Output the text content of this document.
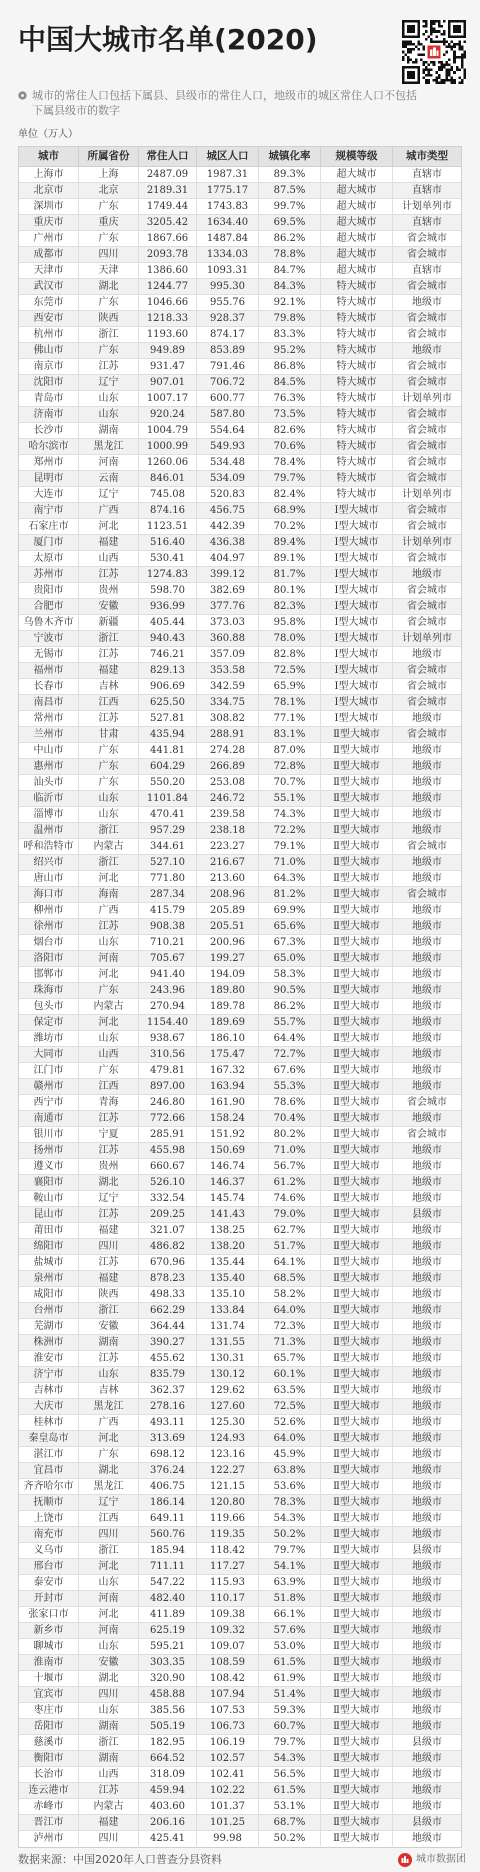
中国大城市名单(2020)
城市的常住人口包括下属县、县级市的常住人口，地级市的城区常住人口不包括下属县级市的数字
单位（万人）
城市	所属省份	常住人口	城区人口	城镇化率	规模等级	城市类型
上海市	上海	2487.09	1987.31	89.3%	超大城市	直辖市
北京市	北京	2189.31	1775.17	87.5%	超大城市	直辖市
深圳市	广东	1749.44	1743.83	99.7%	超大城市	计划单列市
重庆市	重庆	3205.42	1634.40	69.5%	超大城市	直辖市
广州市	广东	1867.66	1487.84	86.2%	超大城市	省会城市
成都市	四川	2093.78	1334.03	78.8%	超大城市	省会城市
天津市	天津	1386.60	1093.31	84.7%	超大城市	直辖市
武汉市	湖北	1244.77	995.30	84.3%	特大城市	省会城市
东莞市	广东	1046.66	955.76	92.1%	特大城市	地级市
西安市	陕西	1218.33	928.37	79.8%	特大城市	省会城市
杭州市	浙江	1193.60	874.17	83.3%	特大城市	省会城市
佛山市	广东	949.89	853.89	95.2%	特大城市	地级市
南京市	江苏	931.47	791.46	86.8%	特大城市	省会城市
沈阳市	辽宁	907.01	706.72	84.5%	特大城市	省会城市
青岛市	山东	1007.17	600.77	76.3%	特大城市	计划单列市
济南市	山东	920.24	587.80	73.5%	特大城市	省会城市
长沙市	湖南	1004.79	554.64	82.6%	特大城市	省会城市
哈尔滨市	黑龙江	1000.99	549.93	70.6%	特大城市	省会城市
郑州市	河南	1260.06	534.48	78.4%	特大城市	省会城市
昆明市	云南	846.01	534.09	79.7%	特大城市	省会城市
大连市	辽宁	745.08	520.83	82.4%	特大城市	计划单列市
南宁市	广西	874.16	456.75	68.9%	Ⅰ型大城市	省会城市
石家庄市	河北	1123.51	442.39	70.2%	Ⅰ型大城市	省会城市
厦门市	福建	516.40	436.38	89.4%	Ⅰ型大城市	计划单列市
太原市	山西	530.41	404.97	89.1%	Ⅰ型大城市	省会城市
苏州市	江苏	1274.83	399.12	81.7%	Ⅰ型大城市	地级市
贵阳市	贵州	598.70	382.69	80.1%	Ⅰ型大城市	省会城市
合肥市	安徽	936.99	377.76	82.3%	Ⅰ型大城市	省会城市
乌鲁木齐市	新疆	405.44	373.03	95.8%	Ⅰ型大城市	省会城市
宁波市	浙江	940.43	360.88	78.0%	Ⅰ型大城市	计划单列市
无锡市	江苏	746.21	357.09	82.8%	Ⅰ型大城市	地级市
福州市	福建	829.13	353.58	72.5%	Ⅰ型大城市	省会城市
长春市	吉林	906.69	342.59	65.9%	Ⅰ型大城市	省会城市
南昌市	江西	625.50	334.75	78.1%	Ⅰ型大城市	省会城市
常州市	江苏	527.81	308.82	77.1%	Ⅰ型大城市	地级市
兰州市	甘肃	435.94	288.91	83.1%	Ⅱ型大城市	省会城市
中山市	广东	441.81	274.28	87.0%	Ⅱ型大城市	地级市
惠州市	广东	604.29	266.89	72.8%	Ⅱ型大城市	地级市
汕头市	广东	550.20	253.08	70.7%	Ⅱ型大城市	地级市
临沂市	山东	1101.84	246.72	55.1%	Ⅱ型大城市	地级市
淄博市	山东	470.41	239.58	74.3%	Ⅱ型大城市	地级市
温州市	浙江	957.29	238.18	72.2%	Ⅱ型大城市	地级市
呼和浩特市	内蒙古	344.61	223.27	79.1%	Ⅱ型大城市	省会城市
绍兴市	浙江	527.10	216.67	71.0%	Ⅱ型大城市	地级市
唐山市	河北	771.80	213.60	64.3%	Ⅱ型大城市	地级市
海口市	海南	287.34	208.96	81.2%	Ⅱ型大城市	省会城市
柳州市	广西	415.79	205.89	69.9%	Ⅱ型大城市	地级市
徐州市	江苏	908.38	205.51	65.6%	Ⅱ型大城市	地级市
烟台市	山东	710.21	200.96	67.3%	Ⅱ型大城市	地级市
洛阳市	河南	705.67	199.27	65.0%	Ⅱ型大城市	地级市
邯郸市	河北	941.40	194.09	58.3%	Ⅱ型大城市	地级市
珠海市	广东	243.96	189.80	90.5%	Ⅱ型大城市	地级市
包头市	内蒙古	270.94	189.78	86.2%	Ⅱ型大城市	地级市
保定市	河北	1154.40	189.69	55.7%	Ⅱ型大城市	地级市
潍坊市	山东	938.67	186.10	64.4%	Ⅱ型大城市	地级市
大同市	山西	310.56	175.47	72.7%	Ⅱ型大城市	地级市
江门市	广东	479.81	167.32	67.6%	Ⅱ型大城市	地级市
赣州市	江西	897.00	163.94	55.3%	Ⅱ型大城市	地级市
西宁市	青海	246.80	161.90	78.6%	Ⅱ型大城市	省会城市
南通市	江苏	772.66	158.24	70.4%	Ⅱ型大城市	地级市
银川市	宁夏	285.91	151.92	80.2%	Ⅱ型大城市	省会城市
扬州市	江苏	455.98	150.69	71.0%	Ⅱ型大城市	地级市
遵义市	贵州	660.67	146.74	56.7%	Ⅱ型大城市	地级市
襄阳市	湖北	526.10	146.37	61.2%	Ⅱ型大城市	地级市
鞍山市	辽宁	332.54	145.74	74.6%	Ⅱ型大城市	地级市
昆山市	江苏	209.25	141.43	79.0%	Ⅱ型大城市	县级市
莆田市	福建	321.07	138.25	62.7%	Ⅱ型大城市	地级市
绵阳市	四川	486.82	138.20	51.7%	Ⅱ型大城市	地级市
盐城市	江苏	670.96	135.44	64.1%	Ⅱ型大城市	地级市
泉州市	福建	878.23	135.40	68.5%	Ⅱ型大城市	地级市
咸阳市	陕西	498.33	135.10	58.2%	Ⅱ型大城市	地级市
台州市	浙江	662.29	133.84	64.0%	Ⅱ型大城市	地级市
芜湖市	安徽	364.44	131.74	72.3%	Ⅱ型大城市	地级市
株洲市	湖南	390.27	131.55	71.3%	Ⅱ型大城市	地级市
淮安市	江苏	455.62	130.31	65.7%	Ⅱ型大城市	地级市
济宁市	山东	835.79	130.12	60.1%	Ⅱ型大城市	地级市
吉林市	吉林	362.37	129.62	63.5%	Ⅱ型大城市	地级市
大庆市	黑龙江	278.16	127.60	72.5%	Ⅱ型大城市	地级市
桂林市	广西	493.11	125.30	52.6%	Ⅱ型大城市	地级市
秦皇岛市	河北	313.69	124.93	64.0%	Ⅱ型大城市	地级市
湛江市	广东	698.12	123.16	45.9%	Ⅱ型大城市	地级市
宜昌市	湖北	376.24	122.27	63.8%	Ⅱ型大城市	地级市
齐齐哈尔市	黑龙江	406.75	121.15	53.6%	Ⅱ型大城市	地级市
抚顺市	辽宁	186.14	120.80	78.3%	Ⅱ型大城市	地级市
上饶市	江西	649.11	119.66	54.3%	Ⅱ型大城市	地级市
南充市	四川	560.76	119.35	50.2%	Ⅱ型大城市	地级市
义乌市	浙江	185.94	118.42	79.7%	Ⅱ型大城市	县级市
邢台市	河北	711.11	117.27	54.1%	Ⅱ型大城市	地级市
泰安市	山东	547.22	115.93	63.9%	Ⅱ型大城市	地级市
开封市	河南	482.40	110.17	51.8%	Ⅱ型大城市	地级市
张家口市	河北	411.89	109.38	66.1%	Ⅱ型大城市	地级市
新乡市	河南	625.19	109.32	57.6%	Ⅱ型大城市	地级市
聊城市	山东	595.21	109.07	53.0%	Ⅱ型大城市	地级市
淮南市	安徽	303.35	108.59	61.5%	Ⅱ型大城市	地级市
十堰市	湖北	320.90	108.42	61.9%	Ⅱ型大城市	地级市
宜宾市	四川	458.88	107.94	51.4%	Ⅱ型大城市	地级市
枣庄市	山东	385.56	107.53	59.3%	Ⅱ型大城市	地级市
岳阳市	湖南	505.19	106.73	60.7%	Ⅱ型大城市	地级市
慈溪市	浙江	182.95	106.19	79.7%	Ⅱ型大城市	县级市
衡阳市	湖南	664.52	102.57	54.3%	Ⅱ型大城市	地级市
长治市	山西	318.09	102.41	56.5%	Ⅱ型大城市	地级市
连云港市	江苏	459.94	102.22	61.5%	Ⅱ型大城市	地级市
赤峰市	内蒙古	403.60	101.37	53.1%	Ⅱ型大城市	地级市
晋江市	福建	206.16	101.25	68.7%	Ⅱ型大城市	县级市
泸州市	四川	425.41	99.98	50.2%	Ⅱ型大城市	地级市
数据来源：中国2020年人口普查分县资料	城市数据团
